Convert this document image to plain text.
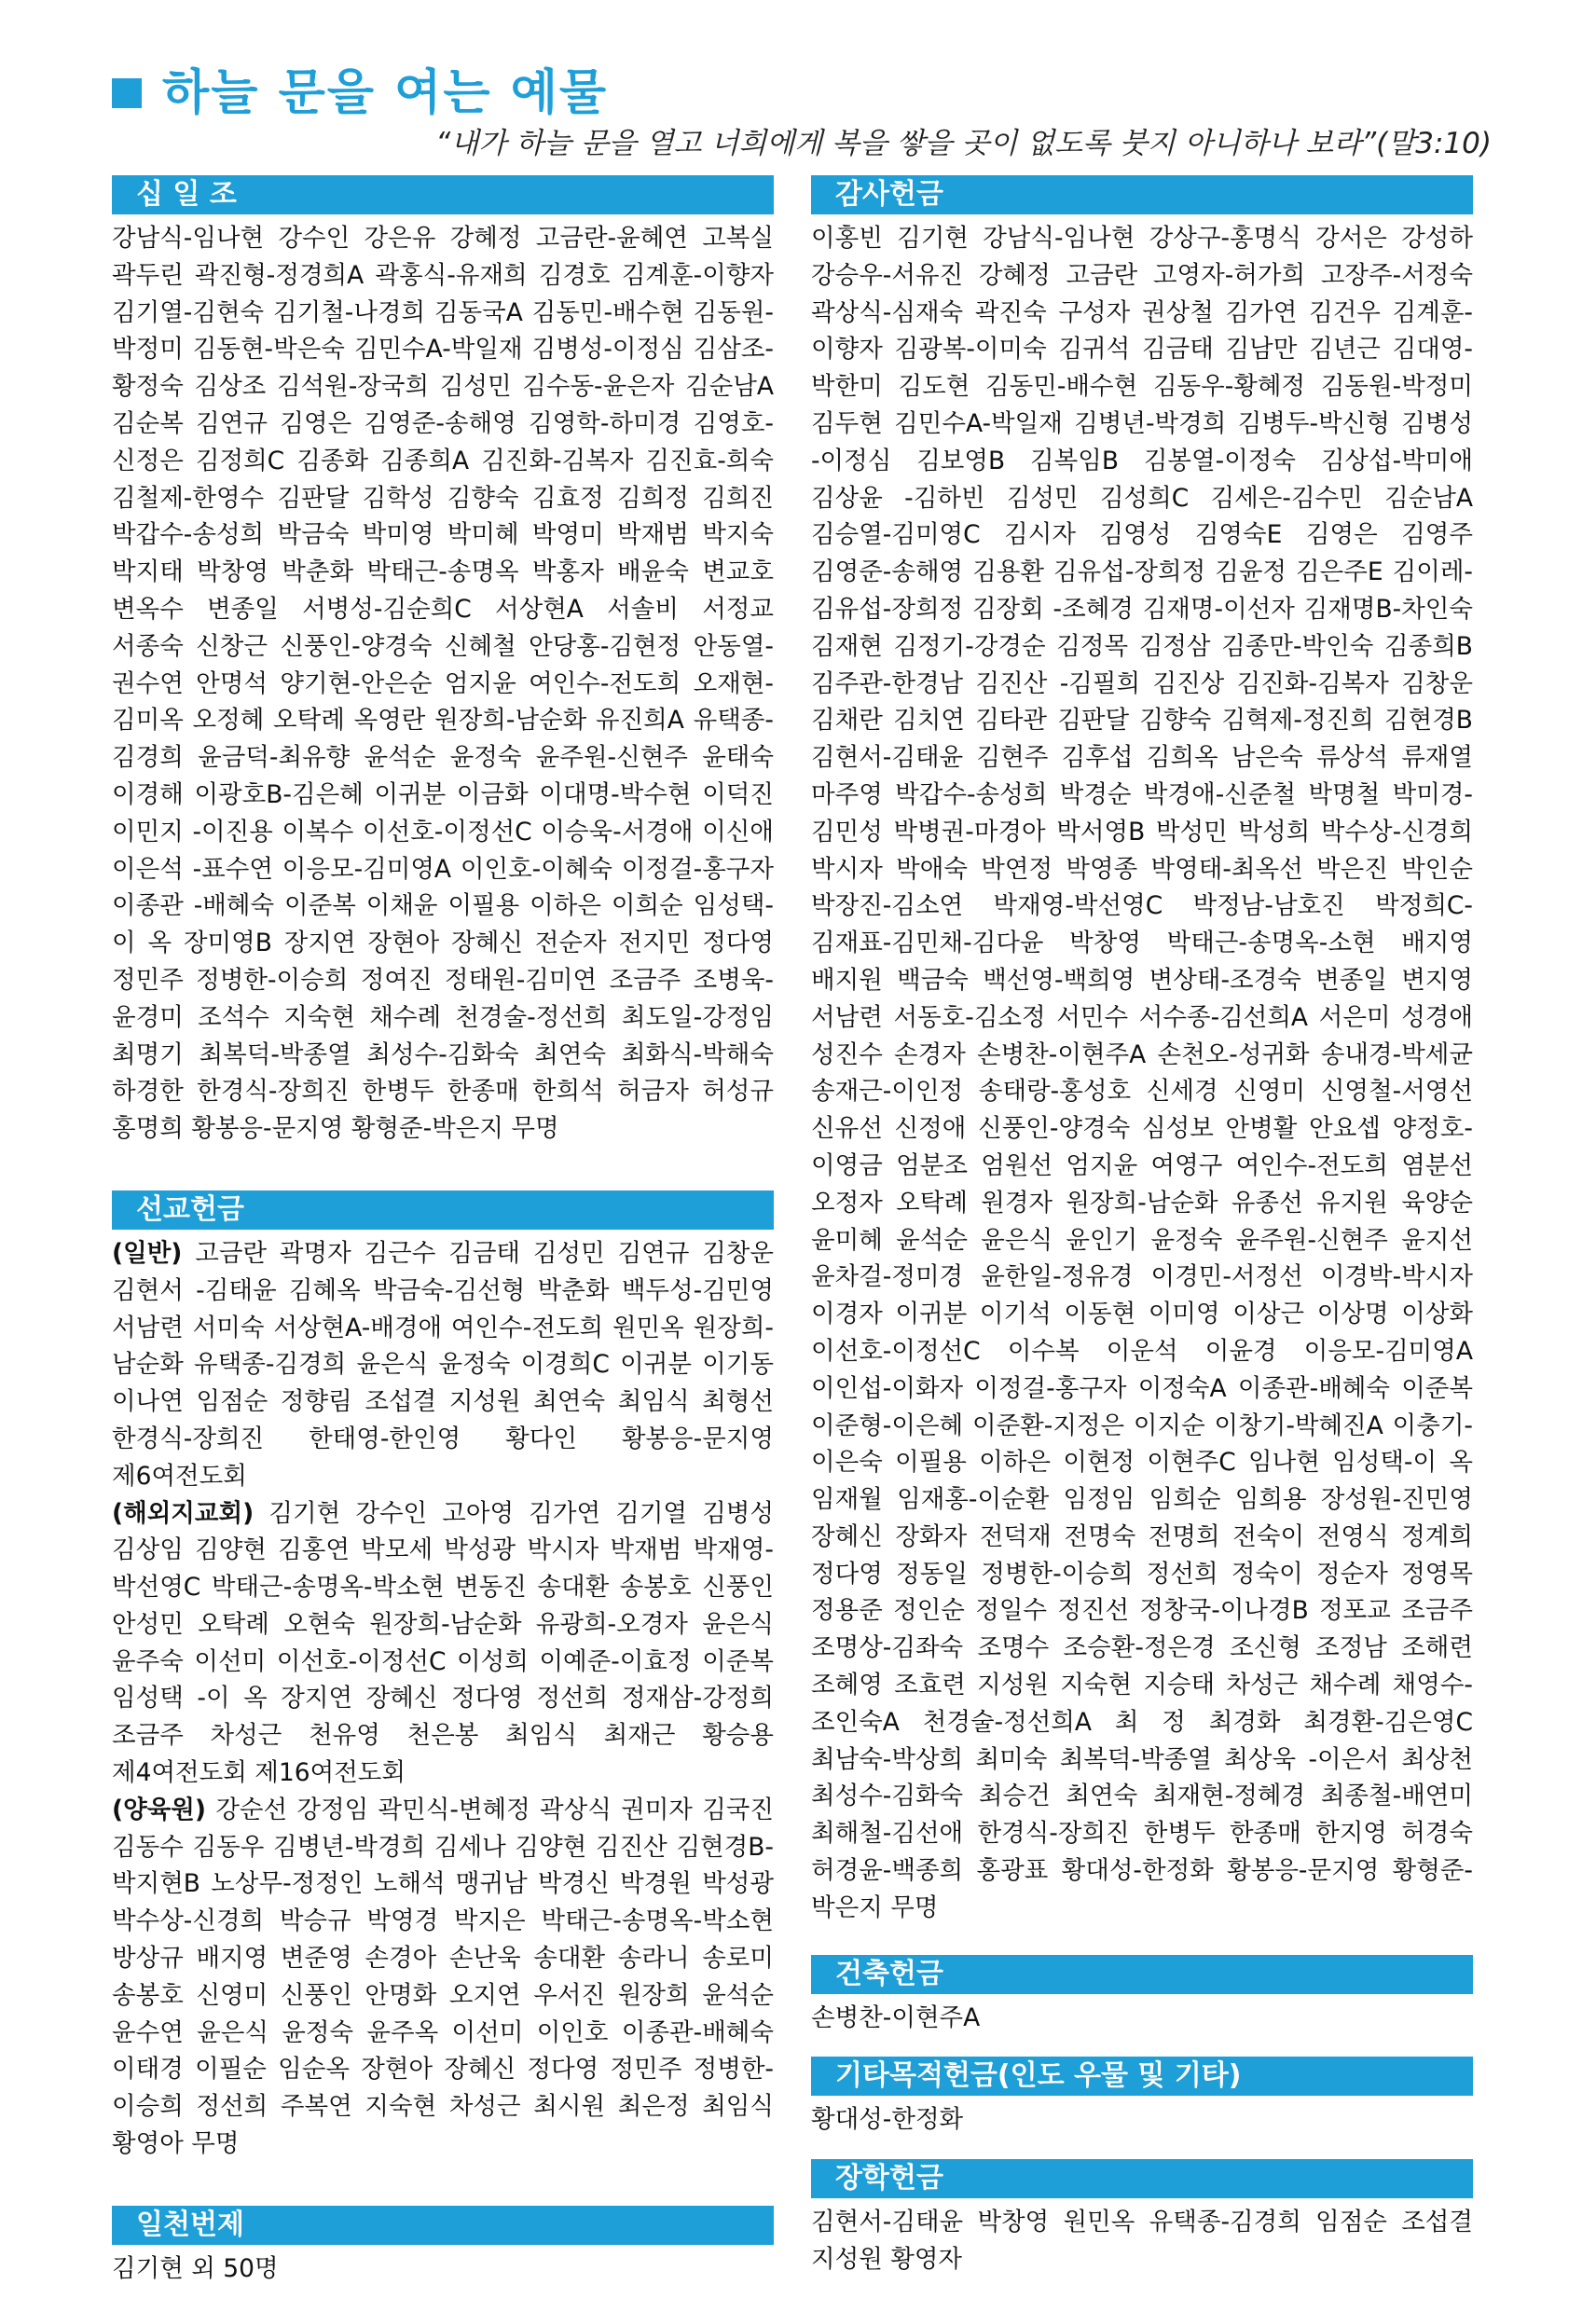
하늘 문을 여는 예물
“내가 하늘 문을 열고 너희에게 복을 쌓을 곳이 없도록 붓지 아니하나 보라”(말3:10)
십 일 조
강남식-임나현 강수인 강은유 강혜정 고금란-윤혜연 고복실 곽두린 곽진형-정경희A 곽홍식-유재희 김경호 김계훈-이향자 김기열-김현숙 김기철-나경희 김동국A 김동민-배수현 김동원-박정미 김동현-박은숙 김민수A-박일재 김병성-이정심 김삼조-황정숙 김상조 김석원-장국희 김성민 김수동-윤은자 김순남A 김순복 김연규 김영은 김영준-송해영 김영학-하미경 김영호-신정은 김정희C 김종화 김종희A 김진화-김복자 김진효-희숙 김철제-한영수 김판달 김학성 김향숙 김효정 김희정 김희진 박갑수-송성희 박금숙 박미영 박미혜 박영미 박재범 박지숙 박지태 박창영 박춘화 박태근-송명옥 박홍자 배윤숙 변교호 변옥수 변종일 서병성-김순희C 서상현A 서솔비 서정교 서종숙 신창근 신풍인-양경숙 신혜철 안당홍-김현정 안동열-권수연 안명석 양기현-안은순 엄지윤 여인수-전도희 오재현-김미옥 오정혜 오탁례 옥영란 원장희-남순화 유진희A 유택종-김경희 윤금덕-최유향 윤석순 윤정숙 윤주원-신현주 윤태숙 이경해 이광호B-김은혜 이귀분 이금화 이대명-박수현 이덕진 이민지 -이진용 이복수 이선호-이정선C 이승욱-서경애 이신애 이은석 -표수연 이응모-김미영A 이인호-이혜숙 이정걸-홍구자 이종관 -배혜숙 이준복 이채윤 이필용 이하은 이희순 임성택-이 옥 장미영B 장지연 장현아 장혜신 전순자 전지민 정다영 정민주 정병한-이승희 정여진 정태원-김미연 조금주 조병욱-윤경미 조석수 지숙현 채수례 천경술-정선희 최도일-강정임 최명기 최복덕-박종열 최성수-김화숙 최연숙 최화식-박해숙 하경한 한경식-장희진 한병두 한종매 한희석 허금자 허성규 홍명희 황봉응-문지영 황형준-박은지 무명
선교헌금

(일반) 고금란 곽명자 김근수 김금태 김성민 김연규 김창운 김현서 -김태윤 김혜옥 박금숙-김선형 박춘화 백두성-김민영 서남련 서미숙 서상현A-배경애 여인수-전도희 원민옥 원장희-남순화 유택종-김경희 윤은식 윤정숙 이경희C 이귀분 이기동 이나연 임점순 정향림 조섭결 지성원 최연숙 최임식 최형선 한경식-장희진 한태영-한인영 황다인 황봉응-문지영 제6여전도회

(해외지교회) 김기현 강수인 고아영 김가연 김기열 김병성 김상임 김양현 김홍연 박모세 박성광 박시자 박재범 박재영-박선영C 박태근-송명옥-박소현 변동진 송대환 송봉호 신풍인 안성민 오탁례 오현숙 원장희-남순화 유광희-오경자 윤은식 윤주숙 이선미 이선호-이정선C 이성희 이예준-이효정 이준복 임성택 -이 옥 장지연 장혜신 정다영 정선희 정재삼-강정희 조금주 차성근 천유영 천은봉 최임식 최재근 황승용 제4여전도회 제16여전도회

(양육원) 강순선 강정임 곽민식-변혜정 곽상식 권미자 김국진 김동수 김동우 김병년-박경희 김세나 김양현 김진산 김현경B-박지현B 노상무-정정인 노해석 맹귀남 박경신 박경원 박성광 박수상-신경희 박승규 박영경 박지은 박태근-송명옥-박소현 방상규 배지영 변준영 손경아 손난욱 송대환 송라니 송로미 송봉호 신영미 신풍인 안명화 오지연 우서진 원장희 윤석순 윤수연 윤은식 윤정숙 윤주옥 이선미 이인호 이종관-배혜숙 이태경 이필순 임순옥 장현아 장혜신 정다영 정민주 정병한-이승희 정선희 주복연 지숙현 차성근 최시원 최은정 최임식 황영아 무명

일천번제
김기현 외 50명
감사헌금
이홍빈 김기현 강남식-임나현 강상구-홍명식 강서은 강성하 강승우-서유진 강혜정 고금란 고영자-허가희 고장주-서정숙 곽상식-심재숙 곽진숙 구성자 권상철 김가연 김건우 김계훈-이향자 김광복-이미숙 김귀석 김금태 김남만 김년근 김대영-박한미 김도현 김동민-배수현 김동우-황혜정 김동원-박정미 김두현 김민수A-박일재 김병년-박경희 김병두-박신형 김병성 -이정심 김보영B 김복임B 김봉열-이정숙 김상섭-박미애 김상윤 -김하빈 김성민 김성희C 김세은-김수민 김순남A 김승열-김미영C 김시자 김영성 김영숙E 김영은 김영주 김영준-송해영 김용환 김유섭-장희정 김윤정 김은주E 김이레-김유섭-장희정 김장회 -조혜경 김재명-이선자 김재명B-차인숙 김재현 김정기-강경순 김정목 김정삼 김종만-박인숙 김종희B 김주관-한경남 김진산 -김필희 김진상 김진화-김복자 김창운 김채란 김치연 김타관 김판달 김향숙 김혁제-정진희 김현경B 김현서-김태윤 김현주 김후섭 김희옥 남은숙 류상석 류재열 마주영 박갑수-송성희 박경순 박경애-신준철 박명철 박미경-김민성 박병권-마경아 박서영B 박성민 박성희 박수상-신경희 박시자 박애숙 박연정 박영종 박영태-최옥선 박은진 박인순 박장진-김소연 박재영-박선영C 박정남-남호진 박정희C-김재표-김민채-김다윤 박창영 박태근-송명옥-소현 배지영 배지원 백금숙 백선영-백희영 변상태-조경숙 변종일 변지영 서남련 서동호-김소정 서민수 서수종-김선희A 서은미 성경애 성진수 손경자 손병찬-이현주A 손천오-성귀화 송내경-박세균 송재근-이인정 송태랑-홍성호 신세경 신영미 신영철-서영선 신유선 신정애 신풍인-양경숙 심성보 안병활 안요셉 양정호-이영금 엄분조 엄원선 엄지윤 여영구 여인수-전도희 염분선 오정자 오탁례 원경자 원장희-남순화 유종선 유지원 육양순 윤미혜 윤석순 윤은식 윤인기 윤정숙 윤주원-신현주 윤지선 윤차걸-정미경 윤한일-정유경 이경민-서정선 이경박-박시자 이경자 이귀분 이기석 이동현 이미영 이상근 이상명 이상화 이선호-이정선C 이수복 이운석 이윤경 이응모-김미영A 이인섭-이화자 이정걸-홍구자 이정숙A 이종관-배혜숙 이준복 이준형-이은혜 이준환-지정은 이지순 이창기-박혜진A 이충기-이은숙 이필용 이하은 이현정 이현주C 임나현 임성택-이 옥 임재월 임재홍-이순환 임정임 임희순 임희용 장성원-진민영 장혜신 장화자 전덕재 전명숙 전명희 전숙이 전영식 정계희 정다영 정동일 정병한-이승희 정선희 정숙이 정순자 정영목 정용준 정인순 정일수 정진선 정창국-이나경B 정포교 조금주 조명상-김좌숙 조명수 조승환-정은경 조신형 조정남 조해련 조혜영 조효련 지성원 지숙현 지승태 차성근 채수례 채영수-조인숙A 천경술-정선희A 최 정 최경화 최경환-김은영C 최남숙-박상희 최미숙 최복덕-박종열 최상욱 -이은서 최상천 최성수-김화숙 최승건 최연숙 최재현-정혜경 최종철-배연미 최해철-김선애 한경식-장희진 한병두 한종매 한지영 허경숙 허경윤-백종희 홍광표 황대성-한정화 황봉응-문지영 황형준-박은지 무명
건축헌금
손병찬-이현주A
기타목적헌금(인도 우물 및 기타)
황대성-한정화
장학헌금
김현서-김태윤 박창영 원민옥 유택종-김경희 임점순 조섭결 지성원 황영자
